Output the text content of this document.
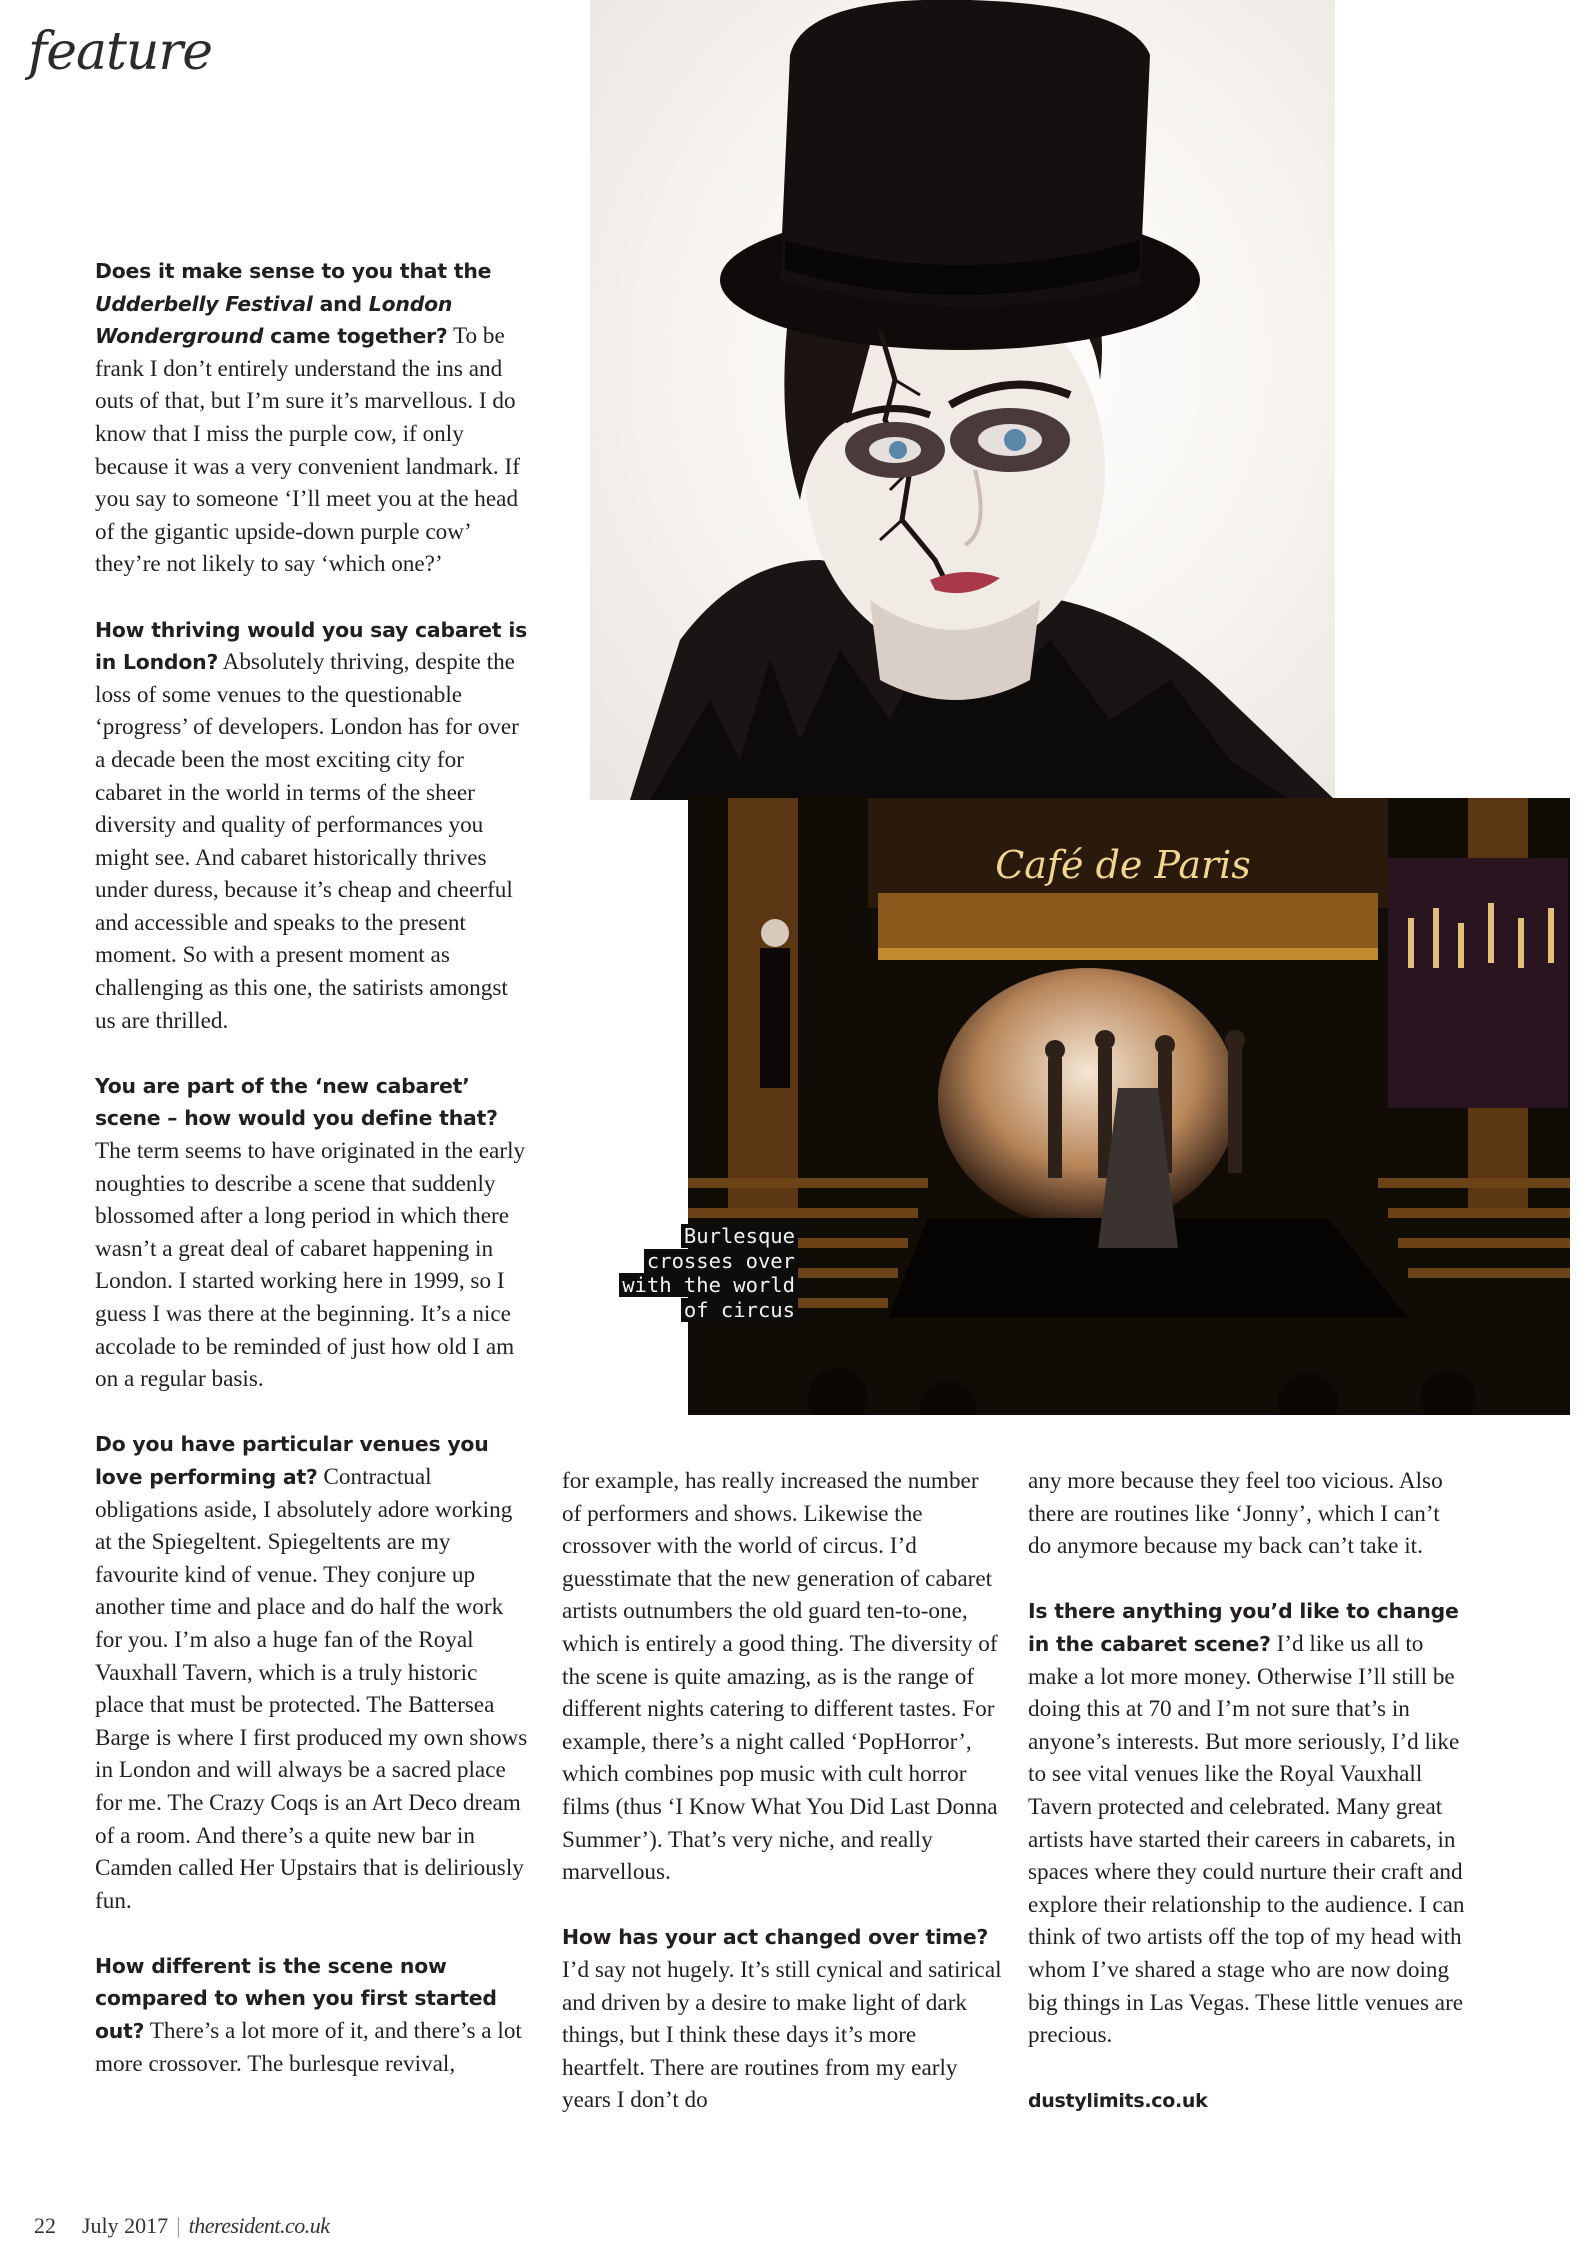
feature
Café de Paris
Burlesque
crosses over
with the world
of circus

Does it make sense to you that the Udderbelly Festival and London Wonderground came together? To be frank I don’t entirely understand the ins and outs of that, but I’m sure it’s marvellous. I do know that I miss the purple cow, if only because it was a very convenient landmark. If you say to someone ‘I’ll meet you at the head of the gigantic upside-down purple cow’ they’re not likely to say ‘which one?’

How thriving would you say cabaret is in London? Absolutely thriving, despite the loss of some venues to the questionable ‘progress’ of developers. London has for over a decade been the most exciting city for cabaret in the world in terms of the sheer diversity and quality of performances you might see. And cabaret historically thrives under duress, because it’s cheap and cheerful and accessible and speaks to the present moment. So with a present moment as challenging as this one, the satirists amongst us are thrilled.

You are part of the ‘new cabaret’ scene – how would you define that? The term seems to have originated in the early noughties to describe a scene that suddenly blossomed after a long period in which there wasn’t a great deal of cabaret happening in London. I started working here in 1999, so I guess I was there at the beginning. It’s a nice accolade to be reminded of just how old I am on a regular basis.

Do you have particular venues you love performing at? Contractual obligations aside, I absolutely adore working at the Spiegeltent. Spiegeltents are my favourite kind of venue. They conjure up another time and place and do half the work for you. I’m also a huge fan of the Royal Vauxhall Tavern, which is a truly historic place that must be protected. The Battersea Barge is where I first produced my own shows in London and will always be a sacred place for me. The Crazy Coqs is an Art Deco dream of a room. And there’s a quite new bar in Camden called Her Upstairs that is deliriously fun.

How different is the scene now compared to when you first started out? There’s a lot more of it, and there’s a lot more crossover. The burlesque revival,

for example, has really increased the number of performers and shows. Likewise the crossover with the world of circus. I’d guesstimate that the new generation of cabaret artists outnumbers the old guard ten-to-one, which is entirely a good thing. The diversity of the scene is quite amazing, as is the range of different nights catering to different tastes. For example, there’s a night called ‘PopHorror’, which combines pop music with cult horror films (thus ‘I Know What You Did Last Donna Summer’). That’s very niche, and really marvellous.

How has your act changed over time? I’d say not hugely. It’s still cynical and satirical and driven by a desire to make light of dark things, but I think these days it’s more heartfelt. There are routines from my early years I don’t do

any more because they feel too vicious. Also there are routines like ‘Jonny’, which I can’t do anymore because my back can’t take it.

Is there anything you’d like to change in the cabaret scene? I’d like us all to make a lot more money. Otherwise I’ll still be doing this at 70 and I’m not sure that’s in anyone’s interests. But more seriously, I’d like to see vital venues like the Royal Vauxhall Tavern protected and celebrated. Many great artists have started their careers in cabarets, in spaces where they could nurture their craft and explore their relationship to the audience. I can think of two artists off the top of my head with whom I’ve shared a stage who are now doing big things in Las Vegas. These little venues are precious.

dustylimits.co.uk

22 July 2017 | theresident.co.uk
